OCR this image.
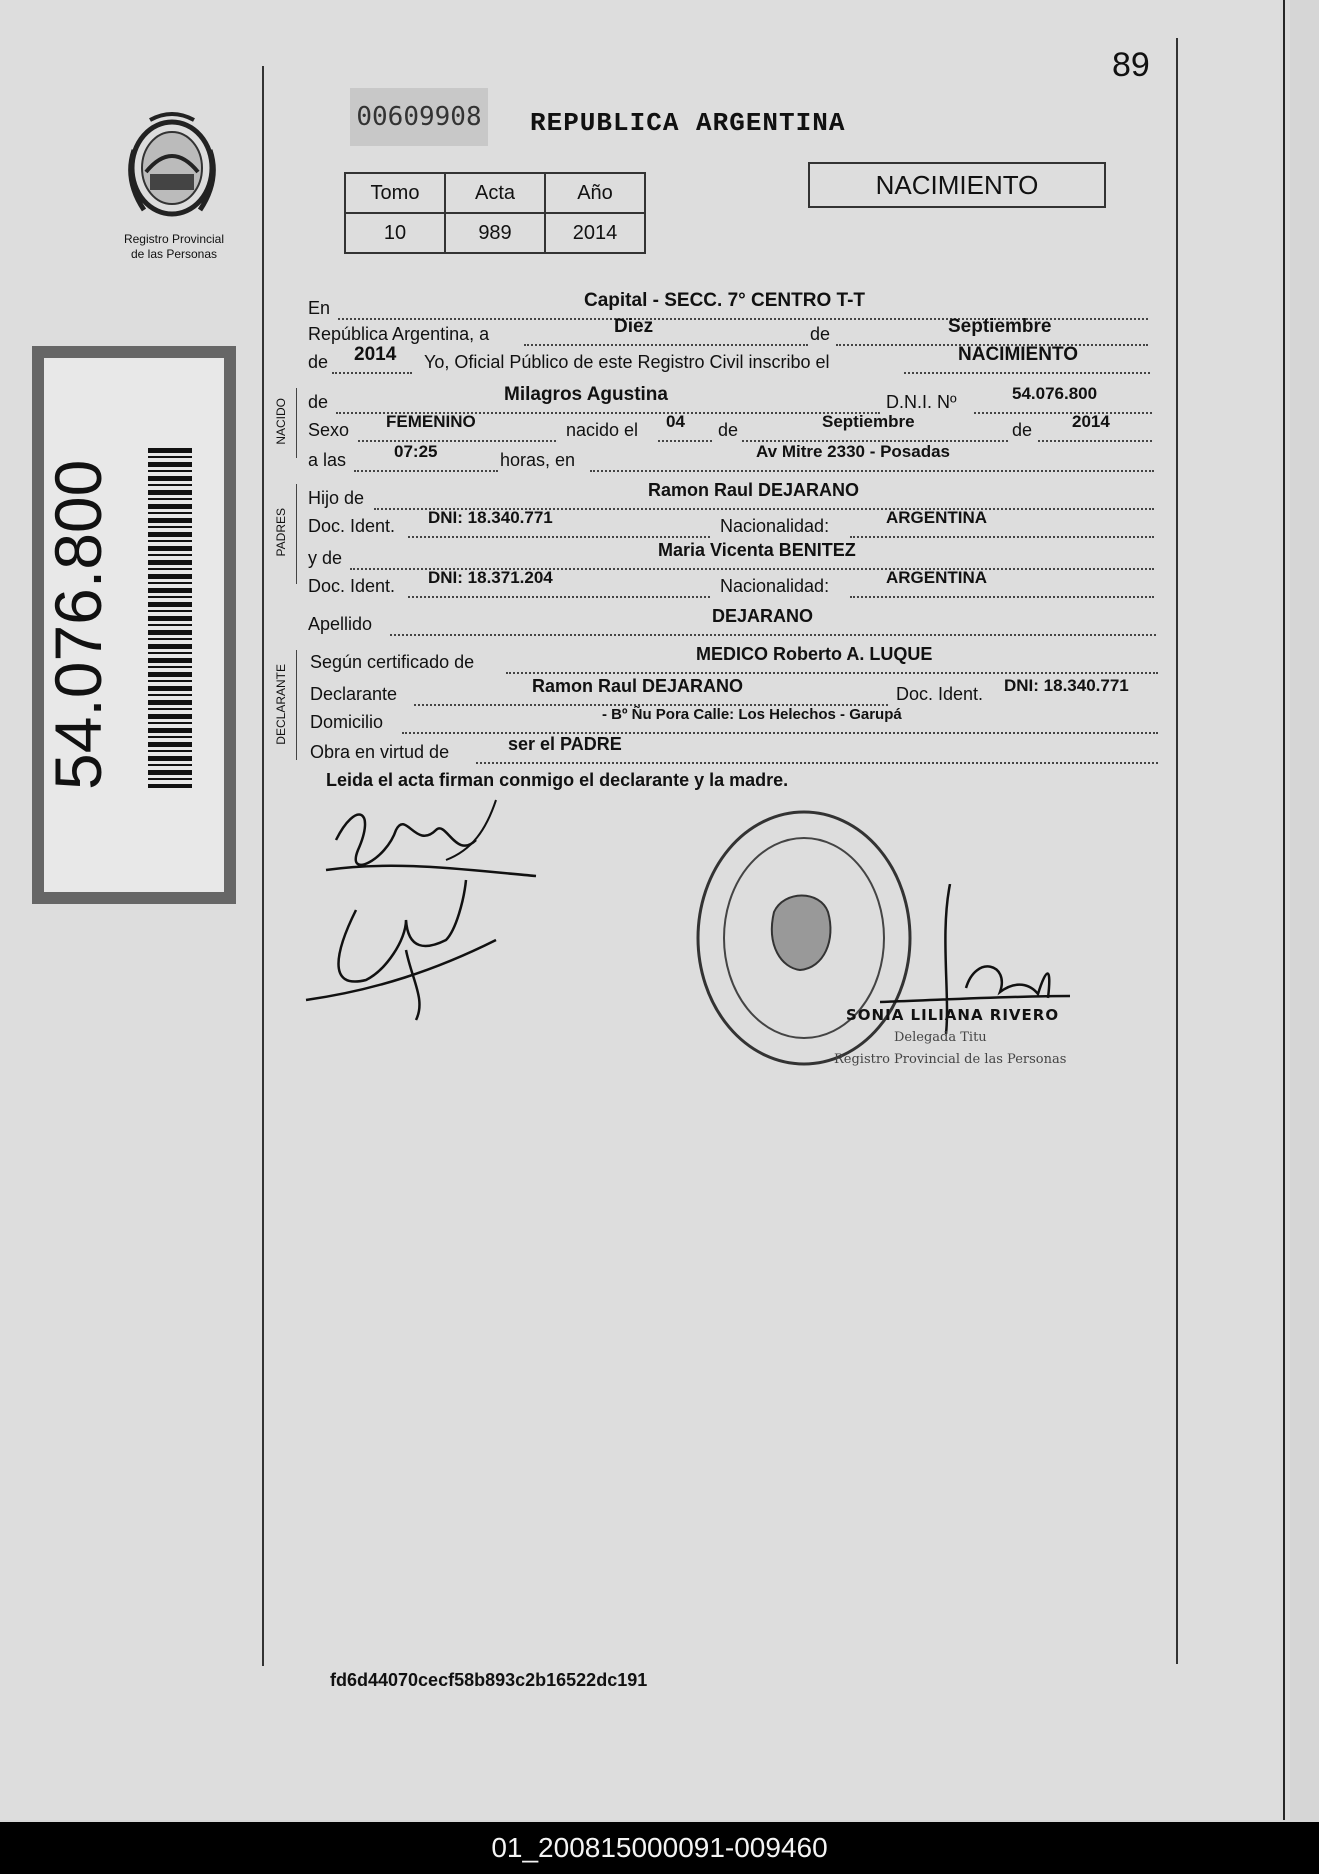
89
00609908 REPUBLICA ARGENTINA
Registro Provincial
de las Personas
Tomo	Acta	Año
10	989	2014
NACIMIENTO
54.076.800
En	Capital - SECC. 7° CENTRO T-T
República Argentina, a	Diez	de	Septiembre
de 2014 Yo, Oficial Público de este Registro Civil inscribo el	NACIMIENTO
NACIDO de	Milagros Agustina	D.N.I. Nº	54.076.800
Sexo FEMENINO	nacido el 04 de	Septiembre	de 2014
a las	07:25	horas, en	Av Mitre 2330 - Posadas
PADRES
Hijo de	Ramon Raul DEJARANO
Doc. Ident. DNI: 18.340.771	Nacionalidad:	ARGENTINA
y de	Maria Vicenta BENITEZ
Doc. Ident. DNI: 18.371.204	Nacionalidad:	ARGENTINA
Apellido	DEJARANO
DECLARANTE
Según certificado de	MEDICO Roberto A. LUQUE
Declarante	Ramon Raul DEJARANO	Doc. Ident. DNI: 18.340.771
Domicilio	- Bº Ñu Pora Calle: Los Helechos - Garupá
Obra en virtud de	ser el PADRE
Leida el acta firman conmigo el declarante y la madre.
SONIA LILIANA RIVERO
Delegada Titu
Registro Provincial de las Personas
fd6d44070cecf58b893c2b16522dc191
01_200815000091-009460
